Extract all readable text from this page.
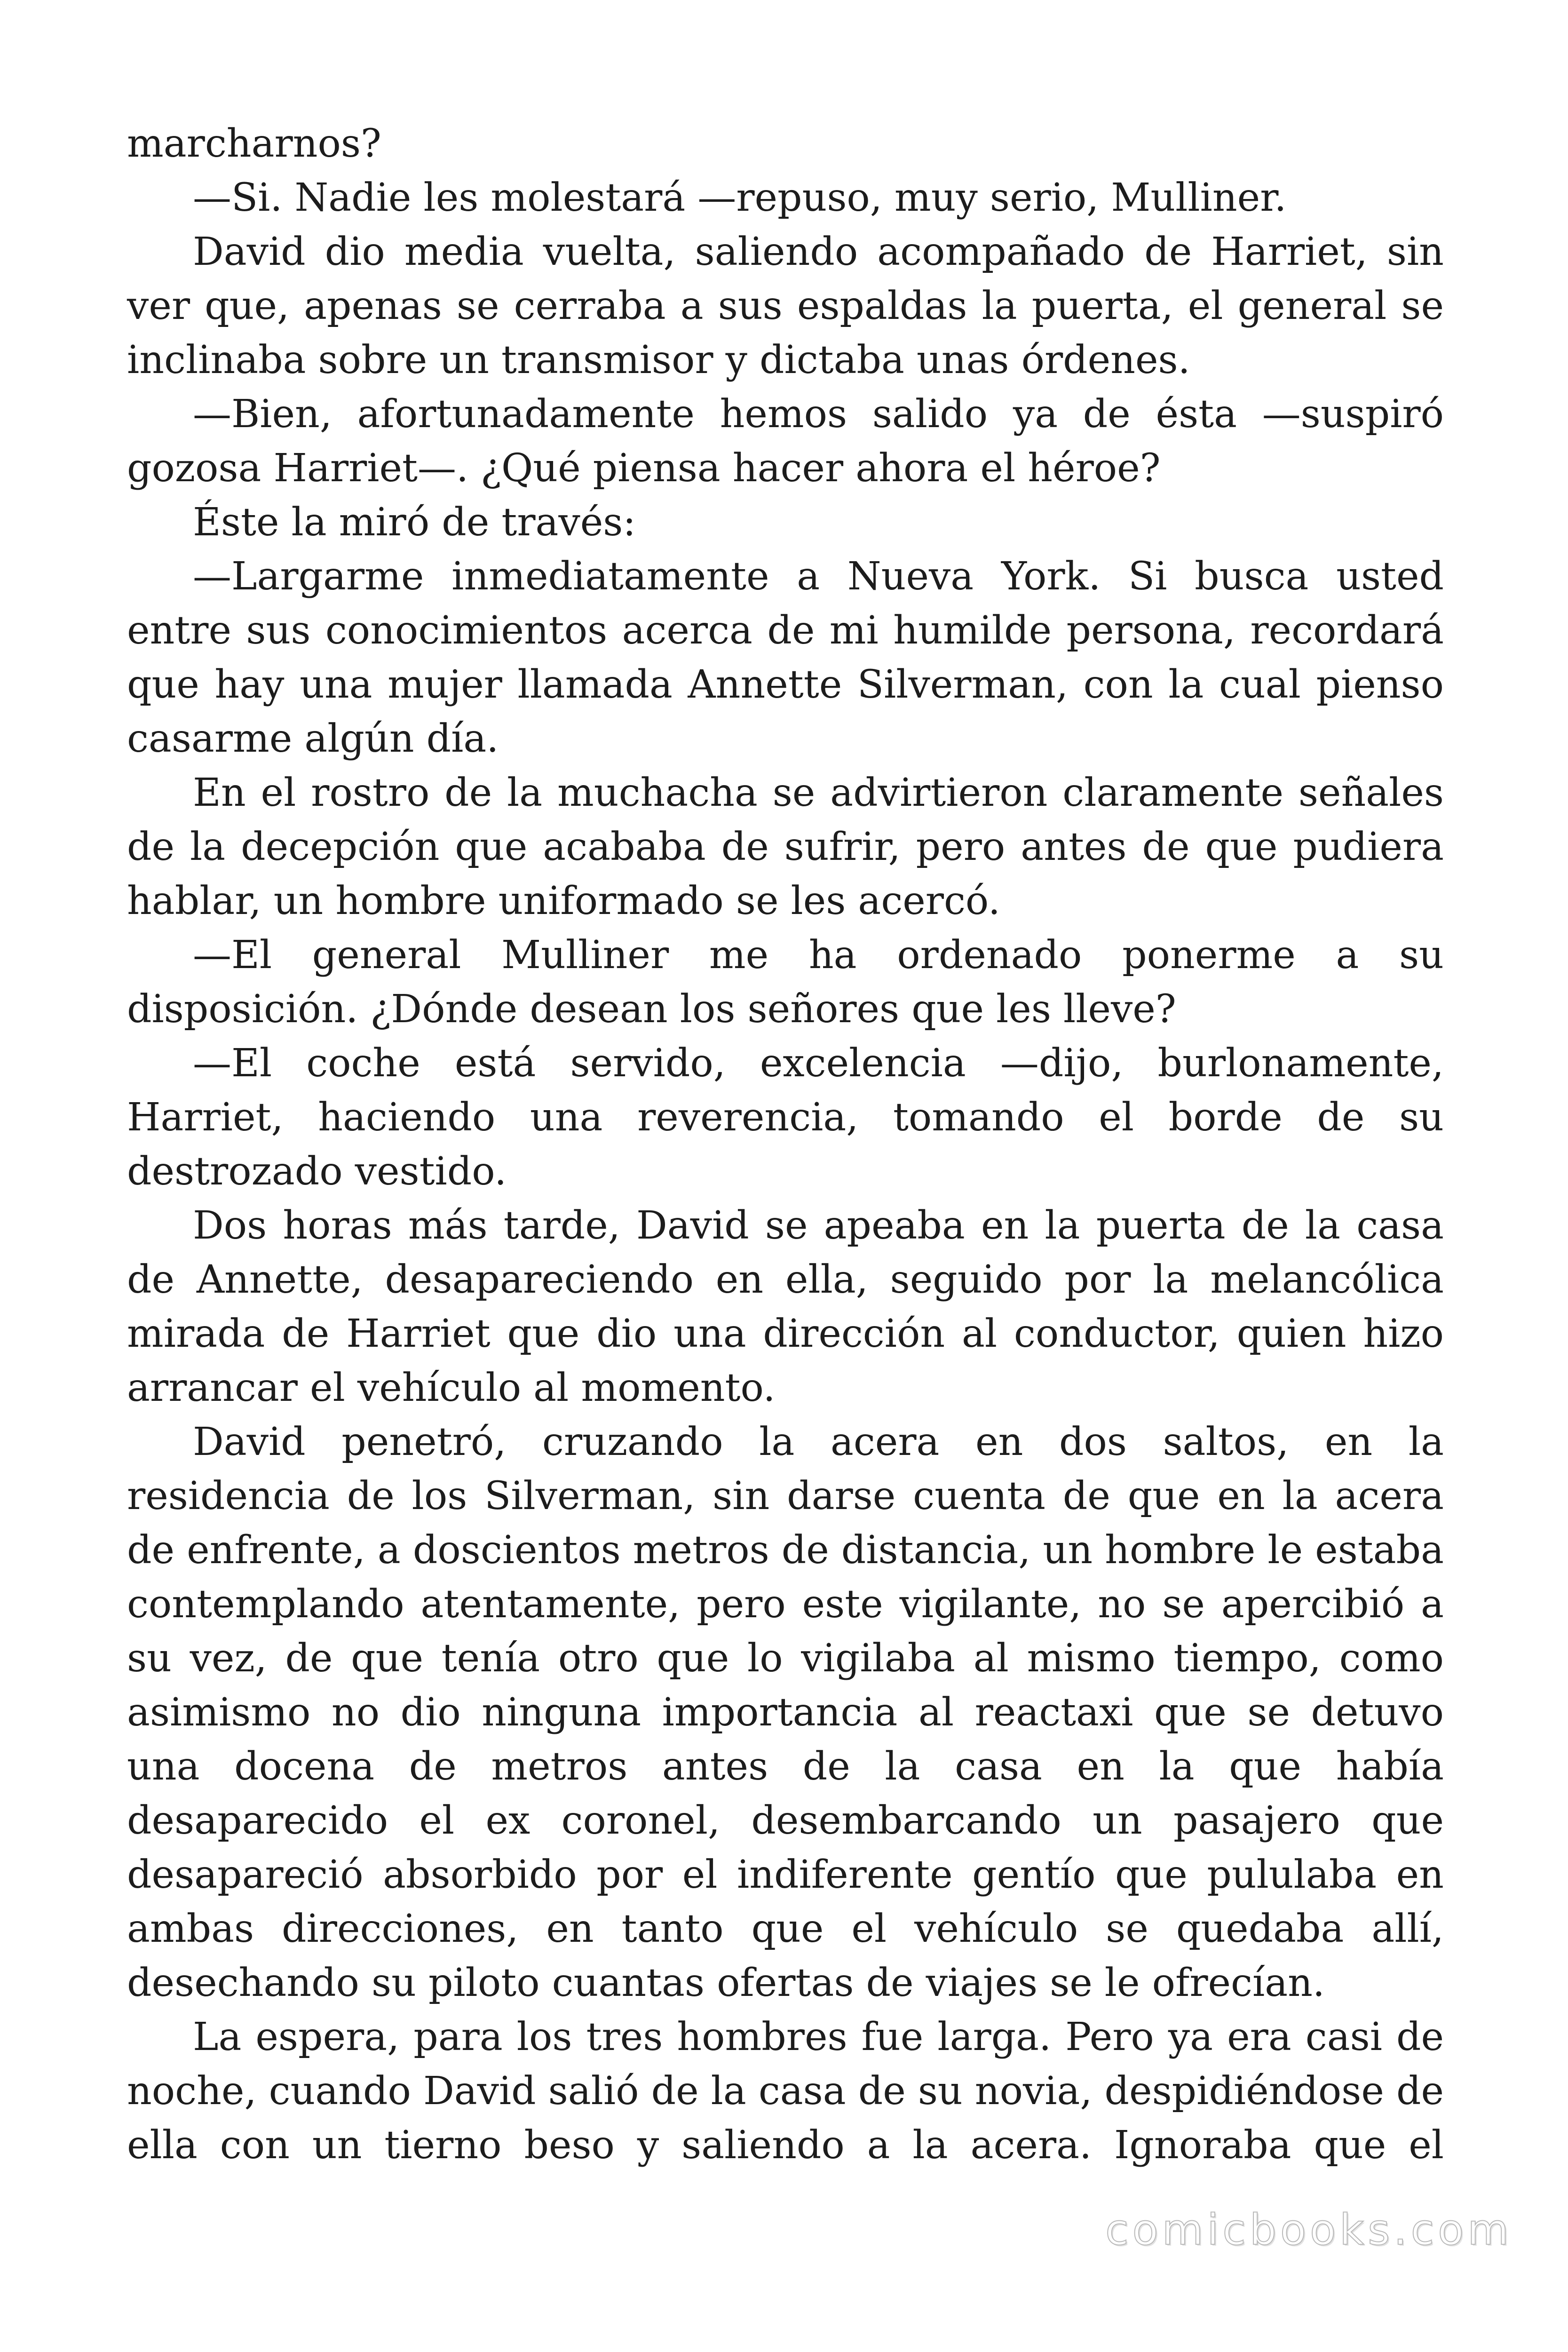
marcharnos?

—Si. Nadie les molestará —repuso, muy serio, Mulliner.

David dio media vuelta, saliendo acompañado de Harriet, sin ver que, apenas se cerraba a sus espaldas la puerta, el general se inclinaba sobre un transmisor y dictaba unas órdenes.

—Bien, afortunadamente hemos salido ya de ésta —suspiró gozosa Harriet—. ¿Qué piensa hacer ahora el héroe?

Éste la miró de través:

—Largarme inmediatamente a Nueva York. Si busca usted entre sus conocimientos acerca de mi humilde persona, recordará que hay una mujer llamada Annette Silverman, con la cual pienso casarme algún día.

En el rostro de la muchacha se advirtieron claramente señales de la decepción que acababa de sufrir, pero antes de que pudiera hablar, un hombre uniformado se les acercó.

—El general Mulliner me ha ordenado ponerme a su disposición. ¿Dónde desean los señores que les lleve?

—El coche está servido, excelencia —dijo, burlonamente, Harriet, haciendo una reverencia, tomando el borde de su destrozado vestido.

Dos horas más tarde, David se apeaba en la puerta de la casa de Annette, desapareciendo en ella, seguido por la melancólica mirada de Harriet que dio una dirección al conductor, quien hizo arrancar el vehículo al momento.

David penetró, cruzando la acera en dos saltos, en la residencia de los Silverman, sin darse cuenta de que en la acera de enfrente, a doscientos metros de distancia, un hombre le estaba contemplando atentamente, pero este vigilante, no se apercibió a su vez, de que tenía otro que lo vigilaba al mismo tiempo, como asimismo no dio ninguna importancia al reactaxi que se detuvo una docena de metros antes de la casa en la que había desaparecido el ex coronel, desembarcando un pasajero que desapareció absorbido por el indiferente gentío que pululaba en ambas direcciones, en tanto que el vehículo se quedaba allí, desechando su piloto cuantas ofertas de viajes se le ofrecían.

La espera, para los tres hombres fue larga. Pero ya era casi de noche, cuando David salió de la casa de su novia, despidiéndose de ella con un tierno beso y saliendo a la acera. Ignoraba que el

comicbooks.com
